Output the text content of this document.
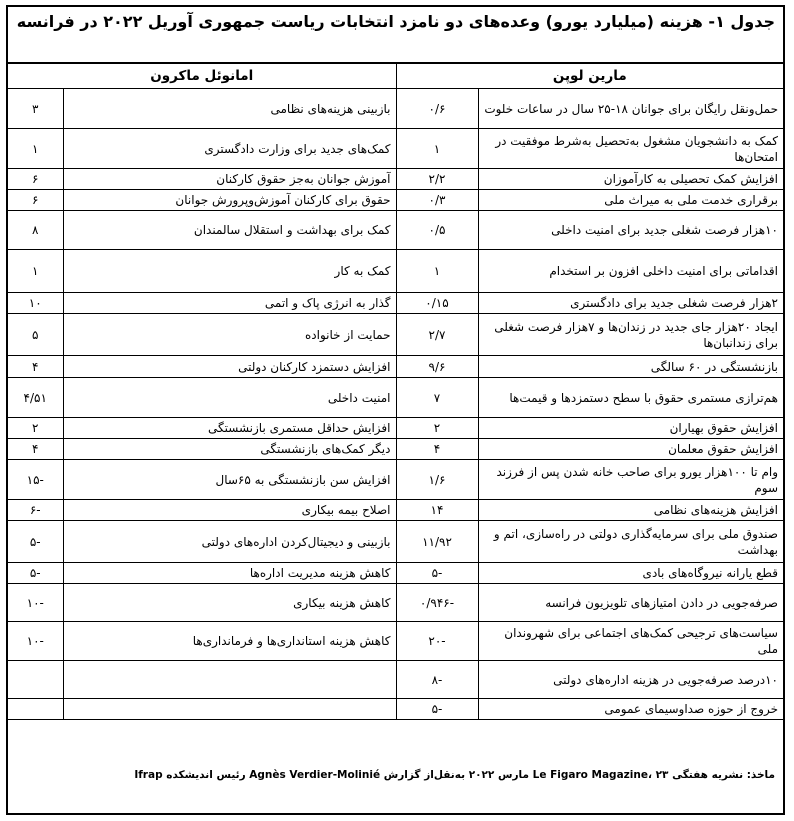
جدول ۱- هزینه (میلیارد یورو) وعده‌های دو نامزد انتخابات ریاست جمهوری آوریل ۲۰۲۲ در فرانسه
مارین لوپن		امانوئل ماکرون	
حمل‌ونقل رایگان برای جوانان ۱۸-۲۵ سال در ساعات خلوت	۰/۶	بازبینی هزینه‌های نظامی	۳
کمک به دانشجویان مشغول به‌تحصیل به‌شرط موفقیت در امتحان‌ها	۱	کمک‌های جدید برای وزارت دادگستری	۱
افزایش کمک تحصیلی به کارآموزان	۲/۲	آموزش جوانان به‌جز حقوق کارکنان	۶
برقراری خدمت ملی به میراث ملی	۰/۳	حقوق برای کارکنان آموزش‌وپرورش جوانان	۶
۱۰هزار فرصت شغلی جدید برای امنیت داخلی	۰/۵	کمک برای بهداشت و استقلال سالمندان	۸
اقداماتی برای امنیت داخلی افزون بر استخدام	۱	کمک به کار	۱
۲هزار فرصت شغلی جدید برای دادگستری	۰/۱۵	گذار به انرژی پاک و اتمی	۱۰
ایجاد ۲۰هزار جای جدید در زندان‌ها و ۷هزار فرصت شغلی برای زندانبان‌ها	۲/۷	حمایت از خانواده	۵
بازنشستگی در ۶۰ سالگی	۹/۶	افزایش دستمزد کارکنان دولتی	۴
هم‌ترازی مستمری حقوق با سطح دستمزدها و قیمت‌ها	۷	امنیت داخلی	۴/۵۱
افزایش حقوق بهیاران	۲	افزایش حداقل مستمری بازنشستگی	۲
افزایش حقوق معلمان	۴	دیگر کمک‌های بازنشستگی	۴
وام تا ۱۰۰هزار یورو برای صاحب خانه شدن پس از فرزند سوم	۱/۶	افزایش سن بازنشستگی به ۶۵سال	-۱۵
افزایش هزینه‌های نظامی	۱۴	اصلاح بیمه بیکاری	-۶
صندوق ملی برای سرمایه‌گذاری دولتی در راه‌سازی، اتم و بهداشت	۱۱/۹۲	بازبینی و دیجیتال‌کردن اداره‌های دولتی	-۵
قطع یارانه نیروگاه‌های بادی	-۵	کاهش هزینه مدیریت اداره‌ها	-۵
صرفه‌جویی در دادن امتیازهای تلویزیون فرانسه	-۰/۹۴۶	کاهش هزینه بیکاری	-۱۰
سیاست‌های ترجیحی کمک‌های اجتماعی برای شهروندان ملی	-۲۰	کاهش هزینه استانداری‌ها و فرمانداری‌ها	-۱۰
۱۰درصد صرفه‌جویی در هزینه اداره‌های دولتی	-۸		
خروج از حوزه صداوسیمای عمومی	-۵		
ماخذ: نشریه هفتگی Le Figaro Magazine، ۲۳ مارس ۲۰۲۲ به‌نقل‌از گزارش Agnès Verdier-Molinié رئیس اندیشکده Ifrap
